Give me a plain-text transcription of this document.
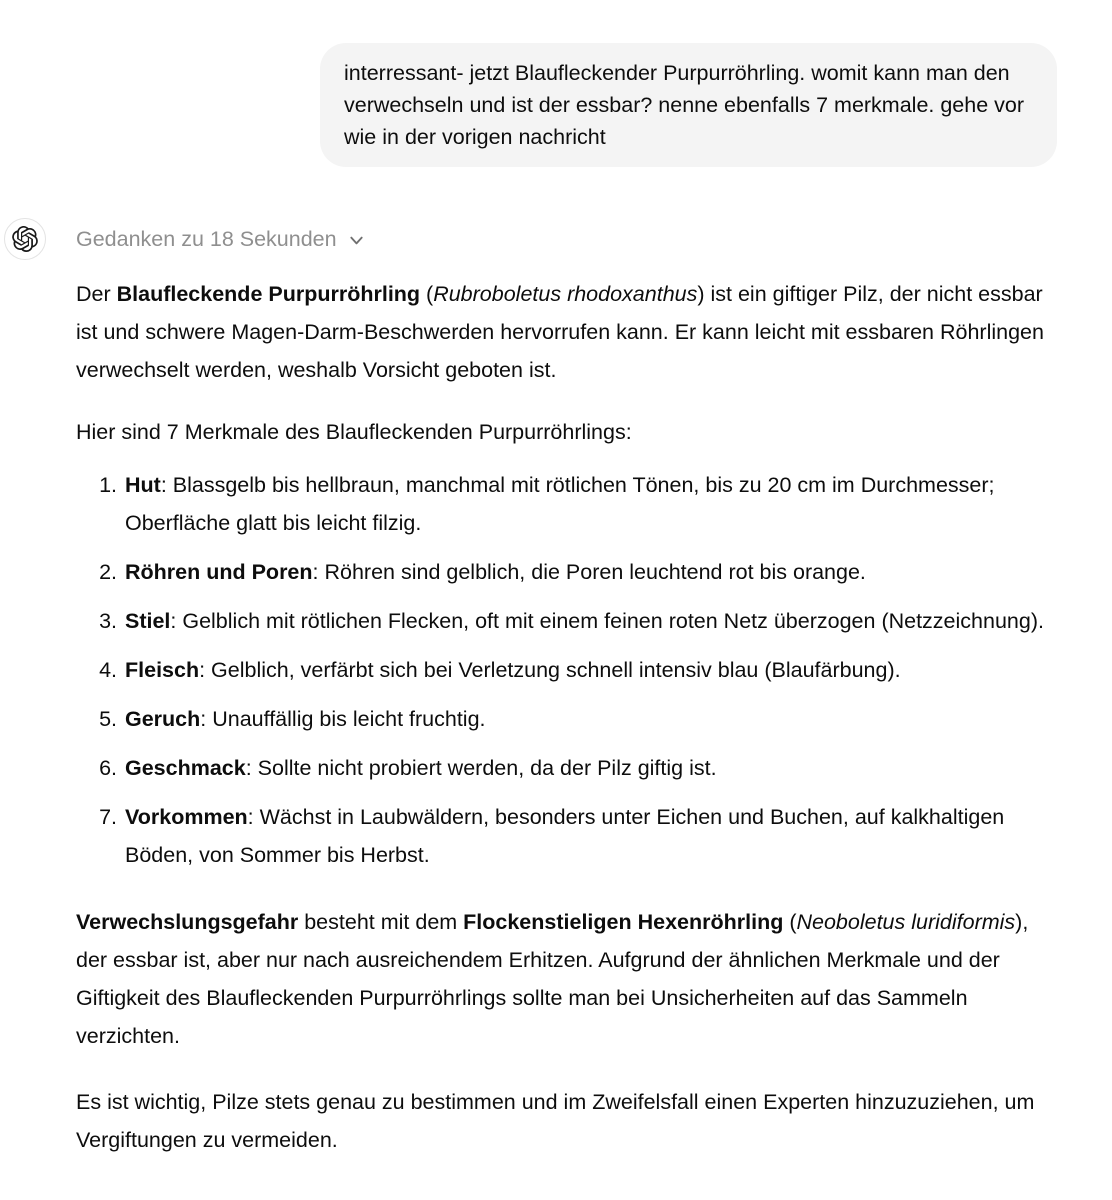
interressant- jetzt Blaufleckender Purpurröhrling. womit kann man den verwechseln und ist der essbar? nenne ebenfalls 7 merkmale. gehe vor wie in der vorigen nachricht
Gedanken zu 18 Sekunden

Der Blaufleckende Purpurröhrling (Rubroboletus rhodoxanthus) ist ein giftiger Pilz, der nicht essbar ist und schwere Magen-Darm-Beschwerden hervorrufen kann. Er kann leicht mit essbaren Röhrlingen verwechselt werden, weshalb Vorsicht geboten ist.

Hier sind 7 Merkmale des Blaufleckenden Purpurröhrlings:

1. Hut: Blassgelb bis hellbraun, manchmal mit rötlichen Tönen, bis zu 20 cm im Durchmesser; Oberfläche glatt bis leicht filzig.
2. Röhren und Poren: Röhren sind gelblich, die Poren leuchtend rot bis orange.
3. Stiel: Gelblich mit rötlichen Flecken, oft mit einem feinen roten Netz überzogen (Netzzeichnung).
4. Fleisch: Gelblich, verfärbt sich bei Verletzung schnell intensiv blau (Blaufärbung).
5. Geruch: Unauffällig bis leicht fruchtig.
6. Geschmack: Sollte nicht probiert werden, da der Pilz giftig ist.
7. Vorkommen: Wächst in Laubwäldern, besonders unter Eichen und Buchen, auf kalkhaltigen Böden, von Sommer bis Herbst.

Verwechslungsgefahr besteht mit dem Flockenstieligen Hexenröhrling (Neoboletus luridiformis), der essbar ist, aber nur nach ausreichendem Erhitzen. Aufgrund der ähnlichen Merkmale und der Giftigkeit des Blaufleckenden Purpurröhrlings sollte man bei Unsicherheiten auf das Sammeln verzichten.

Es ist wichtig, Pilze stets genau zu bestimmen und im Zweifelsfall einen Experten hinzuzuziehen, um Vergiftungen zu vermeiden.
